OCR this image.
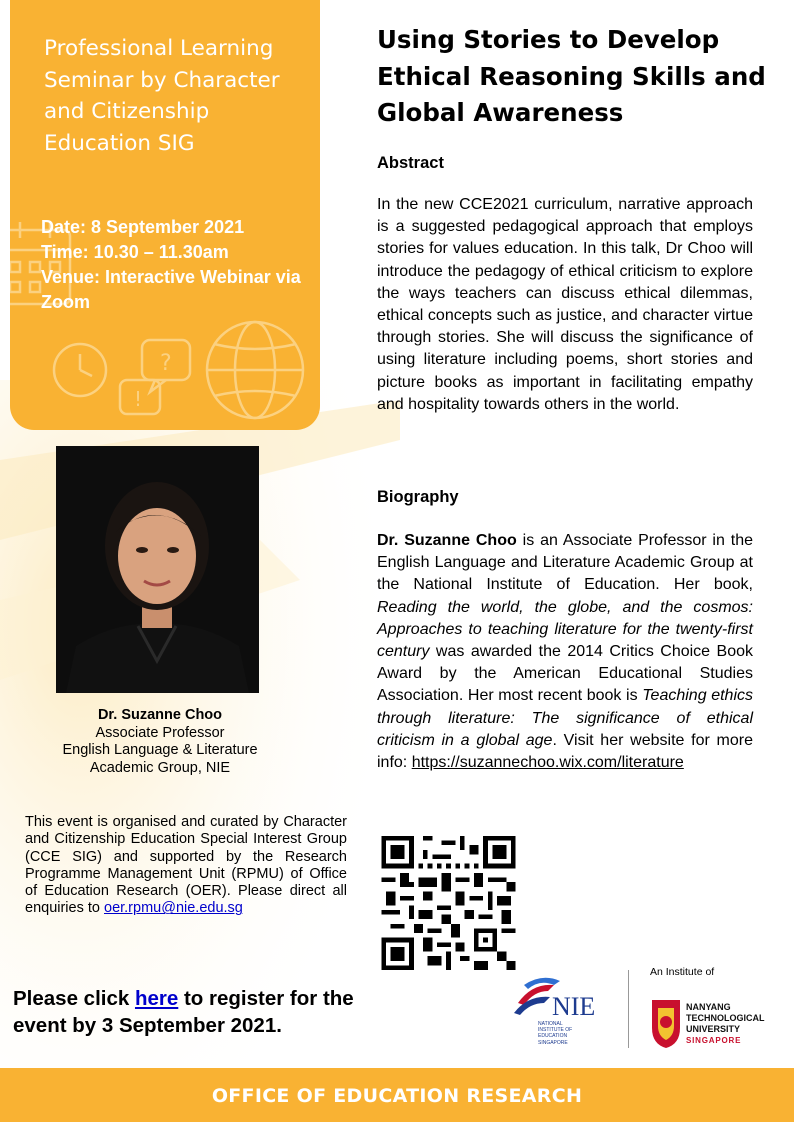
?
!
Professional Learning Seminar by Character and Citizenship Education SIG
Date: 8 September 2021
Time: 10.30 – 11.30am
Venue: Interactive Webinar via Zoom
Dr. Suzanne Choo
Associate Professor
English Language & Literature
Academic Group, NIE
This event is organised and curated by Character and Citizenship Education Special Interest Group (CCE SIG) and supported by the Research Programme Management Unit (RPMU) of Office of Education Research (OER). Please direct all enquiries to oer.rpmu@nie.edu.sg
Please click here to register for the event by 3 September 2021.
Using Stories to Develop Ethical Reasoning Skills and Global Awareness
Abstract
In the new CCE2021 curriculum, narrative approach is a suggested pedagogical approach that employs stories for values education. In this talk, Dr Choo will introduce the pedagogy of ethical criticism to explore the ways teachers can discuss ethical dilemmas, ethical concepts such as justice, and character virtue through stories. She will discuss the significance of using literature including poems, short stories and picture books as important in facilitating empathy and hospitality towards others in the world.
Biography
Dr. Suzanne Choo is an Associate Professor in the English Language and Literature Academic Group at the National Institute of Education. Her book, Reading the world, the globe, and the cosmos: Approaches to teaching literature for the twenty-first century was awarded the 2014 Critics Choice Book Award by the American Educational Studies Association. Her most recent book is Teaching ethics through literature: The significance of ethical criticism in a global age. Visit her website for more info: https://suzannechoo.wix.com/literature
NIE
NATIONAL
INSTITUTE OF
EDUCATION
SINGAPORE
An Institute of
NANYANG
TECHNOLOGICAL
UNIVERSITY
SINGAPORE
OFFICE OF EDUCATION RESEARCH
